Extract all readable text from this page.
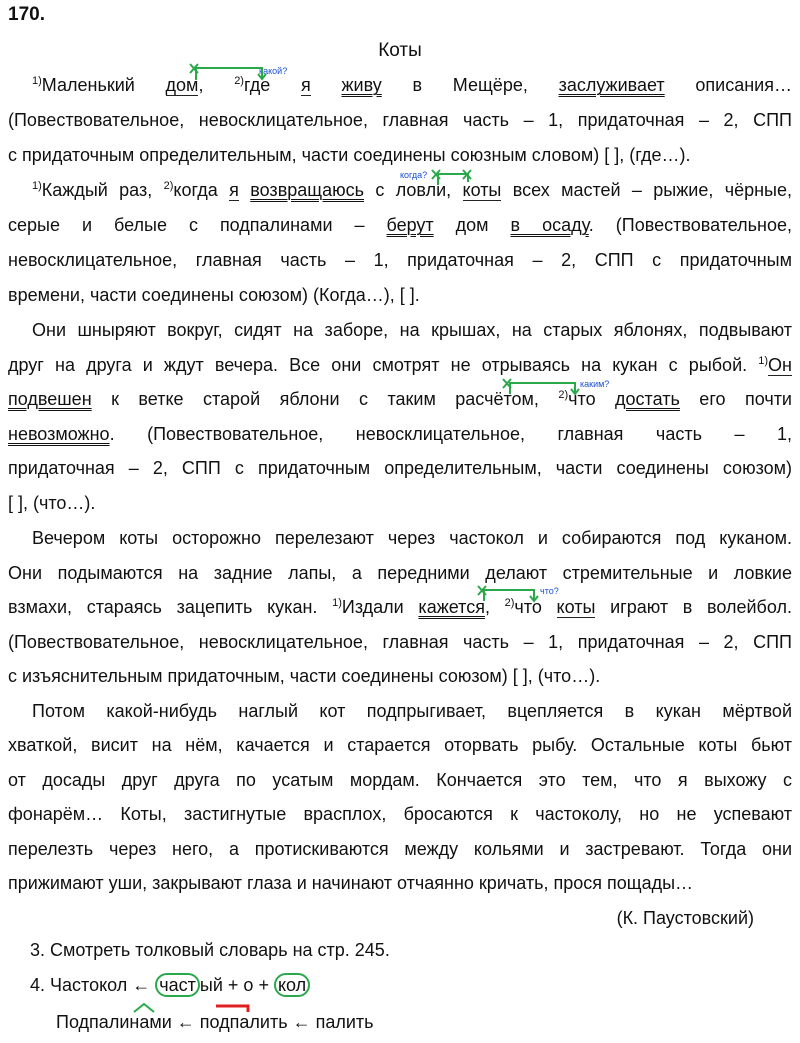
170.
Коты
$^{1)}$Маленький дом, $^{2)}$где я живу в Мещёре, заслуживает описания…
какой?
(Повествовательное, невосклицательное, главная часть – 1, придаточная – 2, СПП
с придаточным определительным, части соединены союзным словом) [ ], (где…).
$^{1)}$Каждый раз, $^{2)}$когда я возвращаюсь с ловли, коты всех мастей – рыжие, чёрные,
когда?
серые и белые с подпалинами – берут дом в осаду. (Повествовательное,
невосклицательное, главная часть – 1, придаточная – 2, СПП с придаточным
времени, части соединены союзом) (Когда…), [ ].
Они шныряют вокруг, сидят на заборе, на крышах, на старых яблонях, подвывают
друг на друга и ждут вечера. Все они смотрят не отрываясь на кукан с рыбой. $^{1)}$Он
подвешен к ветке старой яблони с таким расчётом, $^{2)}$что достать его почти
каким?
невозможно. (Повествовательное, невосклицательное, главная часть – 1,
придаточная – 2, СПП с придаточным определительным, части соединены союзом)
[ ], (что…).
Вечером коты осторожно перелезают через частокол и собираются под куканом.
Они подымаются на задние лапы, а передними делают стремительные и ловкие
взмахи, стараясь зацепить кукан. $^{1)}$Издали кажется, $^{2)}$что коты играют в волейбол.
что?
(Повествовательное, невосклицательное, главная часть – 1, придаточная – 2, СПП
с изъяснительным придаточным, части соединены союзом) [ ], (что…).
Потом какой-нибудь наглый кот подпрыгивает, вцепляется в кукан мёртвой
хваткой, висит на нём, качается и старается оторвать рыбу. Остальные коты бьют
от досады друг друга по усатым мордам. Кончается это тем, что я выхожу с
фонарём… Коты, застигнутые врасплох, бросаются к частоколу, но не успевают
перелезть через него, а протискиваются между кольями и застревают. Тогда они
прижимают уши, закрывают глаза и начинают отчаянно кричать, прося пощады…
(К. Паустовский)
3. Смотреть толковый словарь на стр. 245.
4. Частокол ← част ый + о + кол
Подпалинами ← подпалить ← палить
